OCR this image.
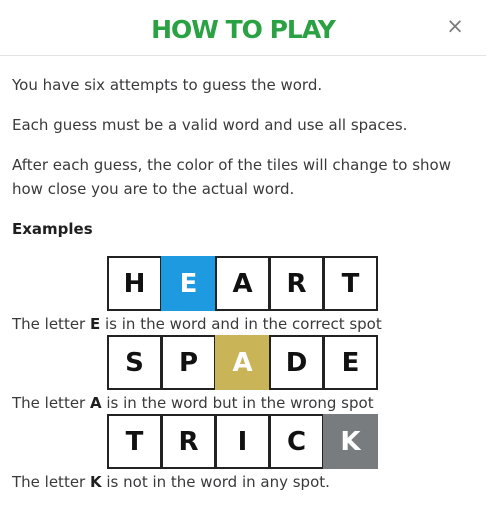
HOW TO PLAY	×
You have six attempts to guess the word.
Each guess must be a valid word and use all spaces.
After each guess, the color of the tiles will change to show how close you are to the actual word.
Examples
H	E	A	R	T
The letter E is in the word and in the correct spot
S	P	A	D	E
The letter A is in the word but in the wrong spot
T	R	I	C	K
The letter K is not in the word in any spot.
